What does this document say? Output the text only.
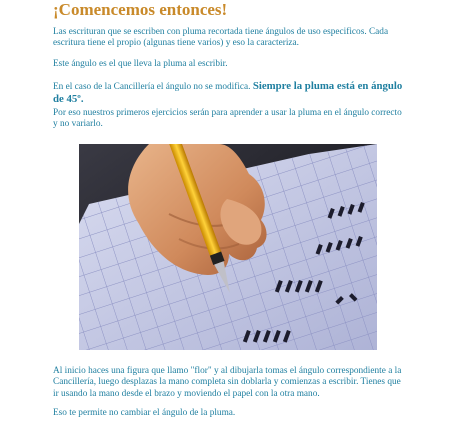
¡Comencemos entonces!

Las escrituran que se escriben con pluma recortada tiene ángulos de uso especificos. Cada escritura tiene el propio (algunas tiene varios) y eso la caracteriza.

Este ángulo es el que lleva la pluma al escribir.

En el caso de la Cancillería el ángulo no se modifica. Siempre la pluma está en ángulo de 45º.

Por eso nuestros primeros ejercicios serán para aprender a usar la pluma en el ángulo correcto y no variarlo.

Al inicio haces una figura que llamo "flor" y al dibujarla tomas el ángulo correspondiente a la Cancillería, luego desplazas la mano completa sin doblarla y comienzas a escribir. Tienes que ir usando la mano desde el brazo y moviendo el papel con la otra mano.

Eso te permite no cambiar el ángulo de la pluma.
